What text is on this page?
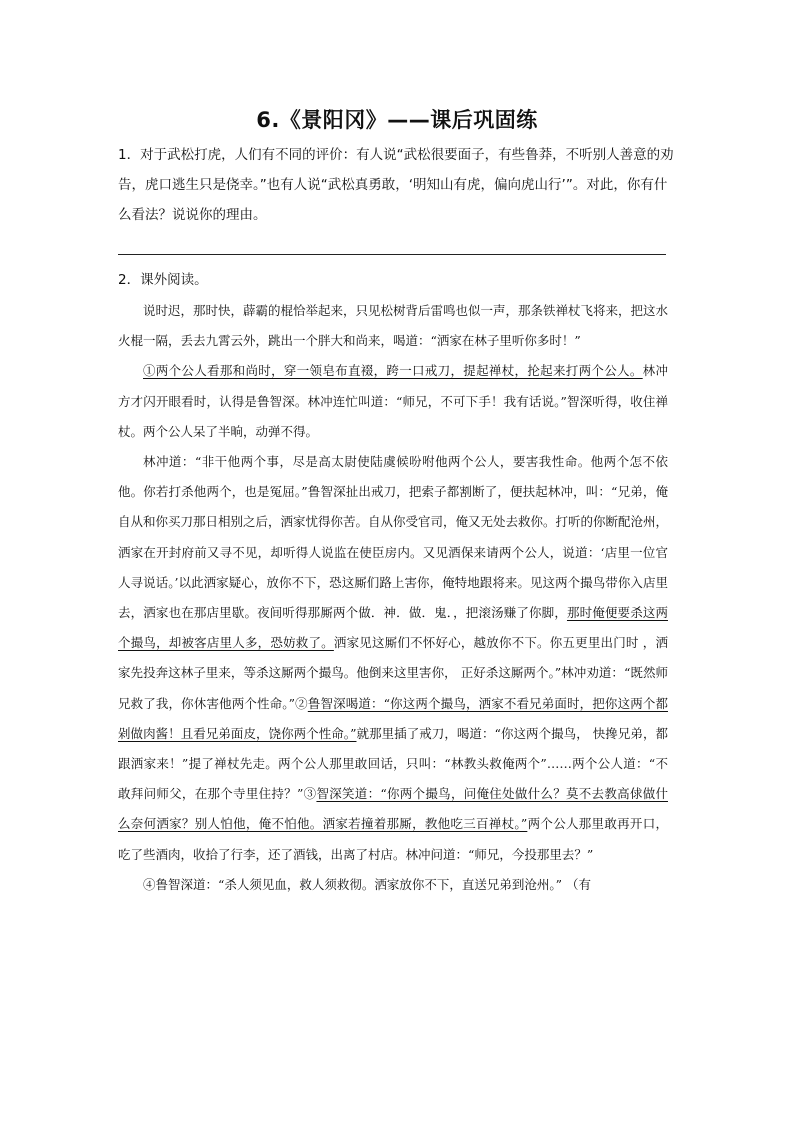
6.《景阳冈》——课后巩固练
1．对于武松打虎，人们有不同的评价：有人说“武松很要面子，有些鲁莽，不听别人善意的劝告，虎口逃生只是侥幸。”也有人说“武松真勇敢，‘明知山有虎，偏向虎山行’”。对此，你有什么看法？说说你的理由。
2．课外阅读。

说时迟，那时快，薜霸的棍恰举起来，只见松树背后雷鸣也似一声，那条铁禅杖飞将来，把这水火棍一隔，丢去九霄云外，跳出一个胖大和尚来，喝道：“洒家在林子里听你多时！”

①两个公人看那和尚时，穿一领皂布直裰，跨一口戒刀，提起禅杖，抡起来打两个公人。林冲方才闪开眼看时，认得是鲁智深。林冲连忙叫道：“师兄，不可下手！我有话说。”智深听得，收住禅杖。两个公人呆了半晌，动弹不得。

林冲道：“非干他两个事，尽是高太尉使陆虞候吩咐他两个公人，要害我性命。他两个怎不依他。你若打杀他两个，也是冤屈。”鲁智深扯出戒刀，把索子都割断了，便扶起林冲，叫：“兄弟，俺自从和你买刀那日相别之后，洒家忧得你苦。自从你受官司，俺又无处去救你。打听的你断配沧州，洒家在开封府前又寻不见，却听得人说监在使臣房内。又见酒保来请两个公人，说道：‘店里一位官人寻说话。’以此洒家疑心，放你不下，恐这厮们路上害你，俺特地跟将来。见这两个撮鸟带你入店里去，洒家也在那店里歇。夜间听得那厮两个做．神．做．鬼．，把滚汤赚了你脚，那时俺便要杀这两个撮鸟，却被客店里人多，恐妨救了。洒家见这厮们不怀好心，越放你不下。你五更里出门时 ，洒家先投奔这林子里来，等杀这厮两个撮鸟。他倒来这里害你， 正好杀这厮两个。”林冲劝道：“既然师兄救了我，你休害他两个性命。”②鲁智深喝道：“你这两个撮鸟，洒家不看兄弟面时，把你这两个都剁做肉酱！且看兄弟面皮，饶你两个性命。”就那里插了戒刀，喝道：“你这两个撮鸟， 快搀兄弟，都跟洒家来！”提了禅杖先走。两个公人那里敢回话，只叫：“林教头救俺两个”……两个公人道：“不敢拜问师父，在那个寺里住持？”③智深笑道：“你两个撮鸟，问俺住处做什么？莫不去教高俅做什么奈何洒家？别人怕他，俺不怕他。洒家若撞着那厮，教他吃三百禅杖。”两个公人那里敢再开口，吃了些酒肉，收拾了行李，还了酒钱，出离了村店。林冲问道：“师兄，今投那里去？”

④鲁智深道：“杀人须见血，救人须救彻。洒家放你不下，直送兄弟到沧州。” （有
